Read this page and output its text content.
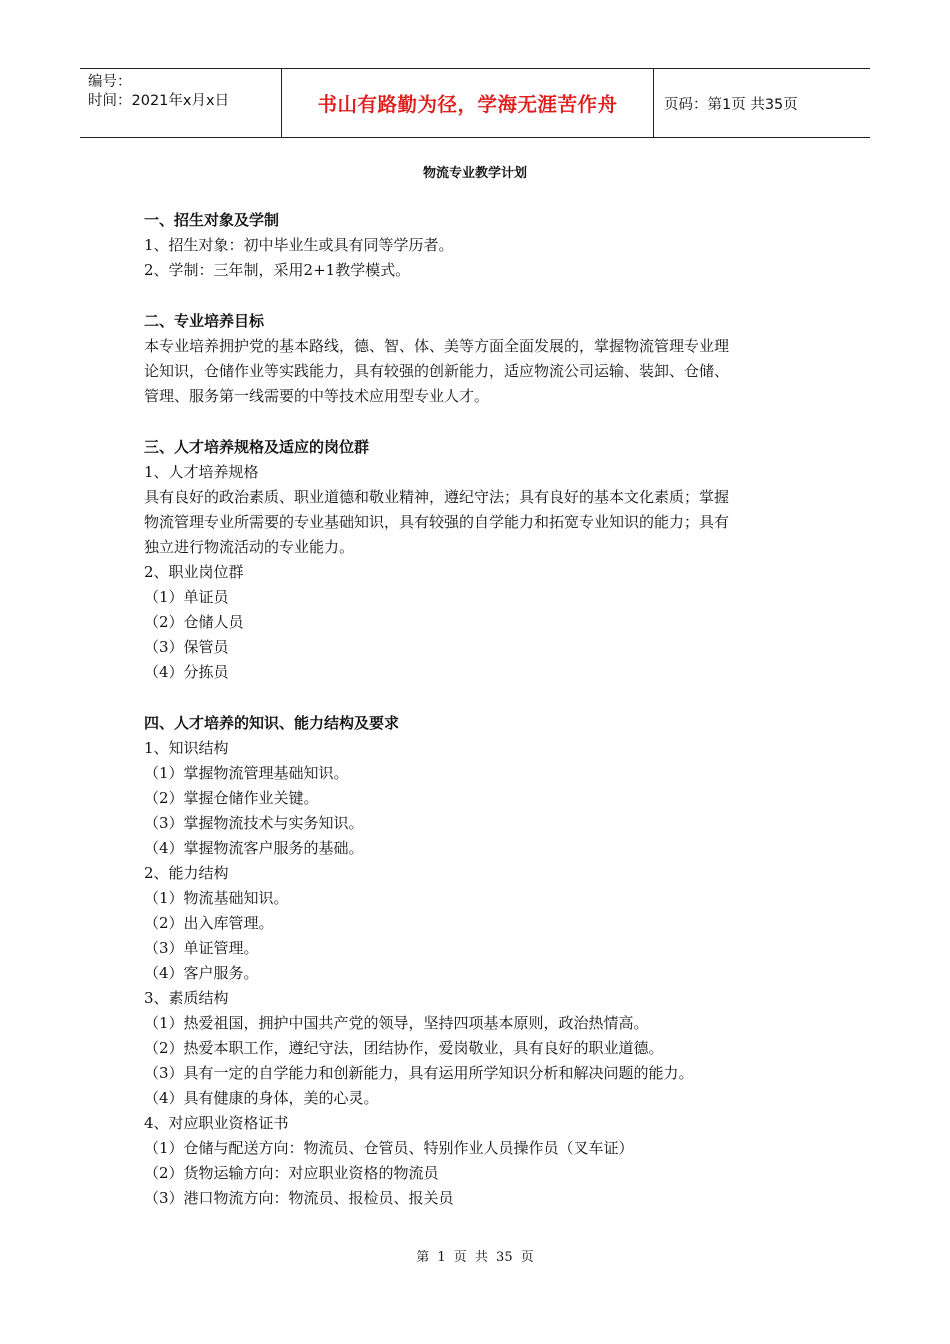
编号：
时间：2021年x月x日	书山有路勤为径，学海无涯苦作舟	页码：第1页 共35页
物流专业教学计划
一、招生对象及学制
1、招生对象：初中毕业生或具有同等学历者。
2、学制：三年制，采用2+1教学模式。
二、专业培养目标
本专业培养拥护党的基本路线，德、智、体、美等方面全面发展的，掌握物流管理专业理
论知识，仓储作业等实践能力，具有较强的创新能力，适应物流公司运输、装卸、仓储、
管理、服务第一线需要的中等技术应用型专业人才。
三、人才培养规格及适应的岗位群
1、人才培养规格
具有良好的政治素质、职业道德和敬业精神，遵纪守法；具有良好的基本文化素质；掌握
物流管理专业所需要的专业基础知识，具有较强的自学能力和拓宽专业知识的能力；具有
独立进行物流活动的专业能力。
2、职业岗位群
（1）单证员
（2）仓储人员
（3）保管员
（4）分拣员
四、人才培养的知识、能力结构及要求
1、知识结构
（1）掌握物流管理基础知识。
（2）掌握仓储作业关键。
（3）掌握物流技术与实务知识。
（4）掌握物流客户服务的基础。
2、能力结构
（1）物流基础知识。
（2）出入库管理。
（3）单证管理。
（4）客户服务。
3、素质结构
（1）热爱祖国，拥护中国共产党的领导，坚持四项基本原则，政治热情高。
（2）热爱本职工作，遵纪守法，团结协作，爱岗敬业，具有良好的职业道德。
（3）具有一定的自学能力和创新能力，具有运用所学知识分析和解决问题的能力。
（4）具有健康的身体，美的心灵。
4、对应职业资格证书
（1）仓储与配送方向：物流员、仓管员、特别作业人员操作员（叉车证）
（2）货物运输方向：对应职业资格的物流员
（3）港口物流方向：物流员、报检员、报关员
第 1 页 共 35 页
